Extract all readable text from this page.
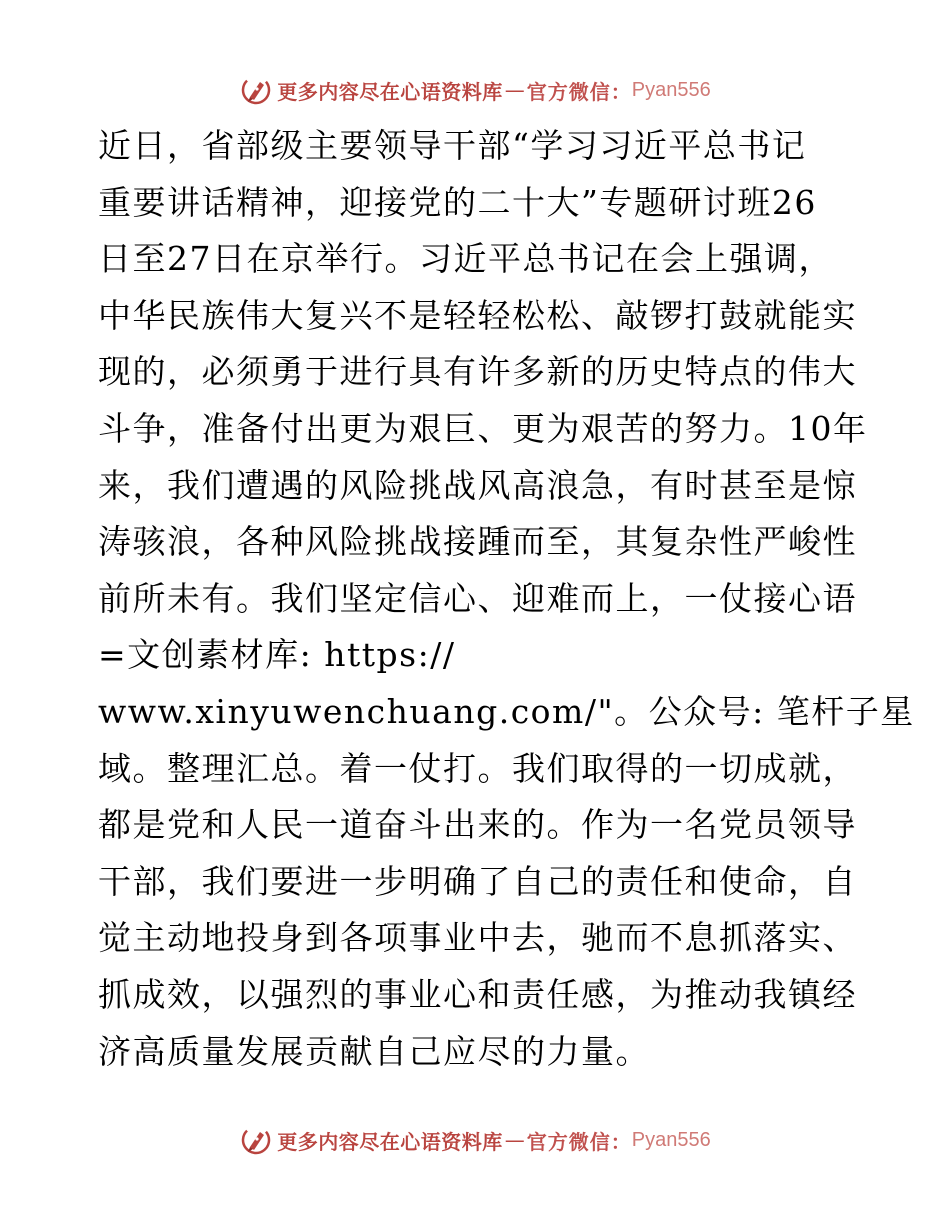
更多内容尽在心语资料库 — 官方微信： Pyan556
近日，省部级主要领导干部“学习习近平总书记
重要讲话精神，迎接党的二十大”专题研讨班26
日至27日在京举行。习近平总书记在会上强调，
中华民族伟大复兴不是轻轻松松、敲锣打鼓就能实
现的，必须勇于进行具有许多新的历史特点的伟大
斗争，准备付出更为艰巨、更为艰苦的努力。10年
来，我们遭遇的风险挑战风高浪急，有时甚至是惊
涛骇浪，各种风险挑战接踵而至，其复杂性严峻性
前所未有。我们坚定信心、迎难而上，一仗接心语
=文创素材库: https://
www.xinyuwenchuang.com/"。公众号: 笔杆子星
域。整理汇总。着一仗打。我们取得的一切成就，
都是党和人民一道奋斗出来的。作为一名党员领导
干部，我们要进一步明确了自己的责任和使命，自
觉主动地投身到各项事业中去，驰而不息抓落实、
抓成效，以强烈的事业心和责任感，为推动我镇经
济高质量发展贡献自己应尽的力量。
更多内容尽在心语资料库 — 官方微信： Pyan556
